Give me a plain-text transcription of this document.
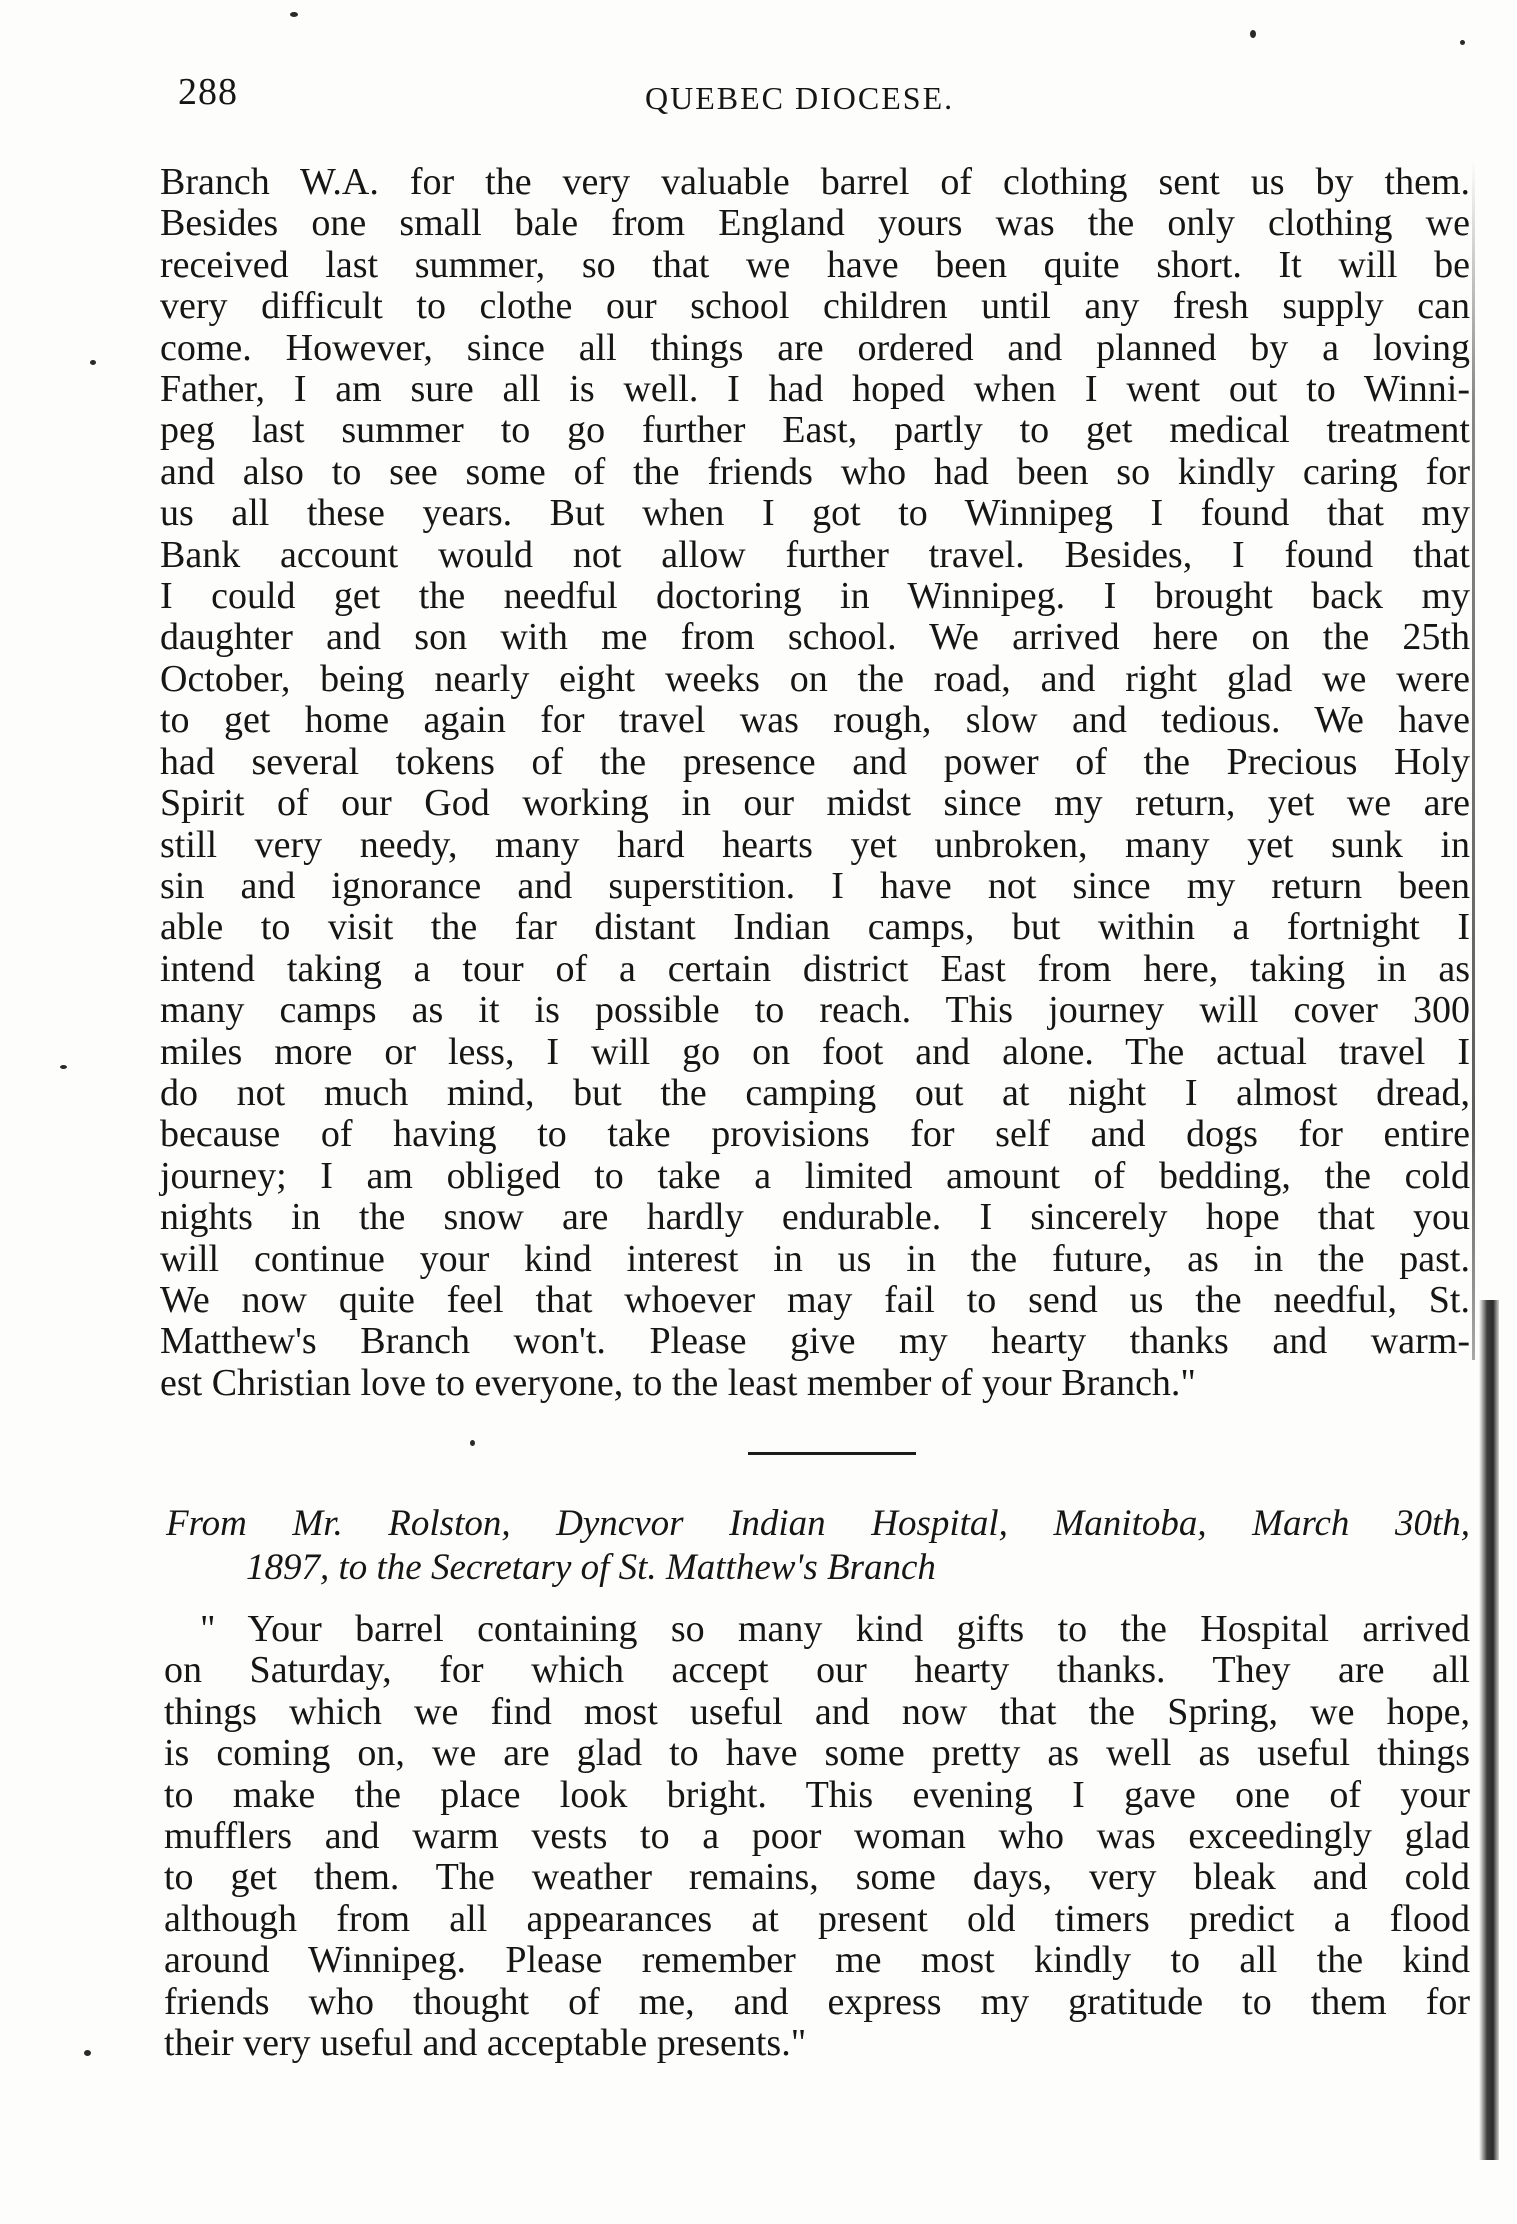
288	QUEBEC DIOCESE.
Branch W.A. for the very valuable barrel of clothing sent us by them.
Besides one small bale from England yours was the only clothing we
received last summer, so that we have been quite short. It will be
very difficult to clothe our school children until any fresh supply can
come. However, since all things are ordered and planned by a loving
Father, I am sure all is well. I had hoped when I went out to Winni-
peg last summer to go further East, partly to get medical treatment
and also to see some of the friends who had been so kindly caring for
us all these years. But when I got to Winnipeg I found that my
Bank account would not allow further travel. Besides, I found that
I could get the needful doctoring in Winnipeg. I brought back my
daughter and son with me from school. We arrived here on the 25th
October, being nearly eight weeks on the road, and right glad we were
to get home again for travel was rough, slow and tedious. We have
had several tokens of the presence and power of the Precious Holy
Spirit of our God working in our midst since my return, yet we are
still very needy, many hard hearts yet unbroken, many yet sunk in
sin and ignorance and superstition. I have not since my return been
able to visit the far distant Indian camps, but within a fortnight I
intend taking a tour of a certain district East from here, taking in as
many camps as it is possible to reach. This journey will cover 300
miles more or less, I will go on foot and alone. The actual travel I
do not much mind, but the camping out at night I almost dread,
because of having to take provisions for self and dogs for entire
journey; I am obliged to take a limited amount of bedding, the cold
nights in the snow are hardly endurable. I sincerely hope that you
will continue your kind interest in us in the future, as in the past.
We now quite feel that whoever may fail to send us the needful, St.
Matthew's Branch won't. Please give my hearty thanks and warm-
est Christian love to everyone, to the least member of your Branch."
From Mr. Rolston, Dyncvor Indian Hospital, Manitoba, March 30th,
1897, to the Secretary of St. Matthew's Branch
" Your barrel containing so many kind gifts to the Hospital arrived
on Saturday, for which accept our hearty thanks. They are all
things which we find most useful and now that the Spring, we hope,
is coming on, we are glad to have some pretty as well as useful things
to make the place look bright. This evening I gave one of your
mufflers and warm vests to a poor woman who was exceedingly glad
to get them. The weather remains, some days, very bleak and cold
although from all appearances at present old timers predict a flood
around Winnipeg. Please remember me most kindly to all the kind
friends who thought of me, and express my gratitude to them for
their very useful and acceptable presents."
